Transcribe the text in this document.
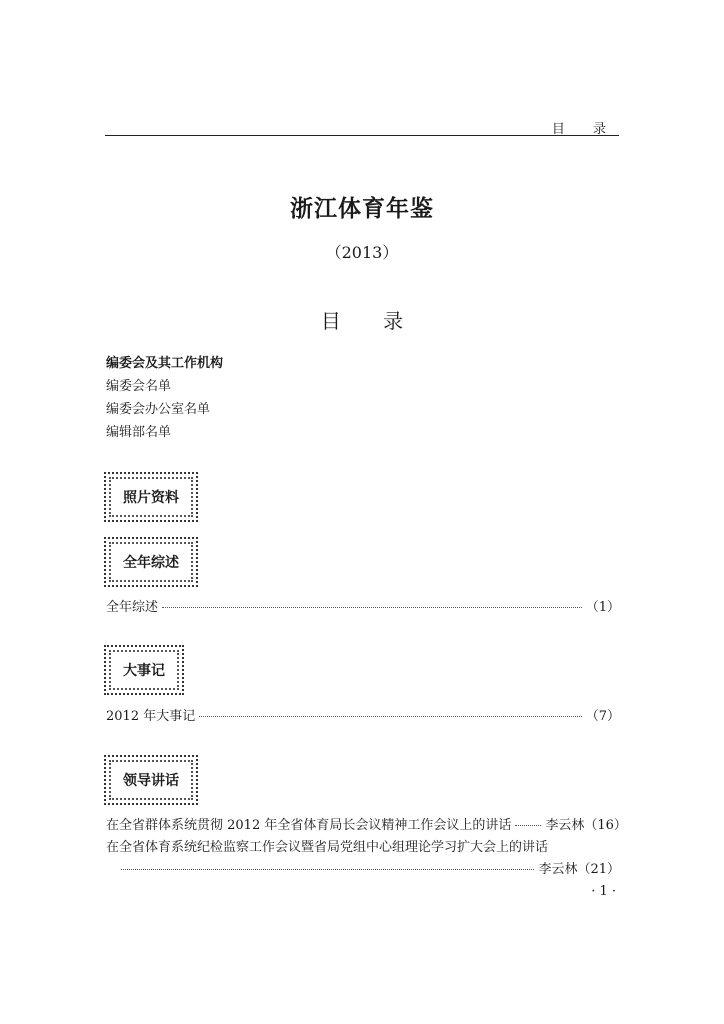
目 录
浙江体育年鉴
（2013）
目 录
编委会及其工作机构
编委会名单
编委会办公室名单
编辑部名单
照片资料
全年综述
全年综述	（1）
大事记
2012 年大事记	（7）
领导讲话
在全省群体系统贯彻 2012 年全省体育局长会议精神工作会议上的讲话	李云林（16）
在全省体育系统纪检监察工作会议暨省局党组中心组理论学习扩大会上的讲话
李云林（21）
· 1 ·
